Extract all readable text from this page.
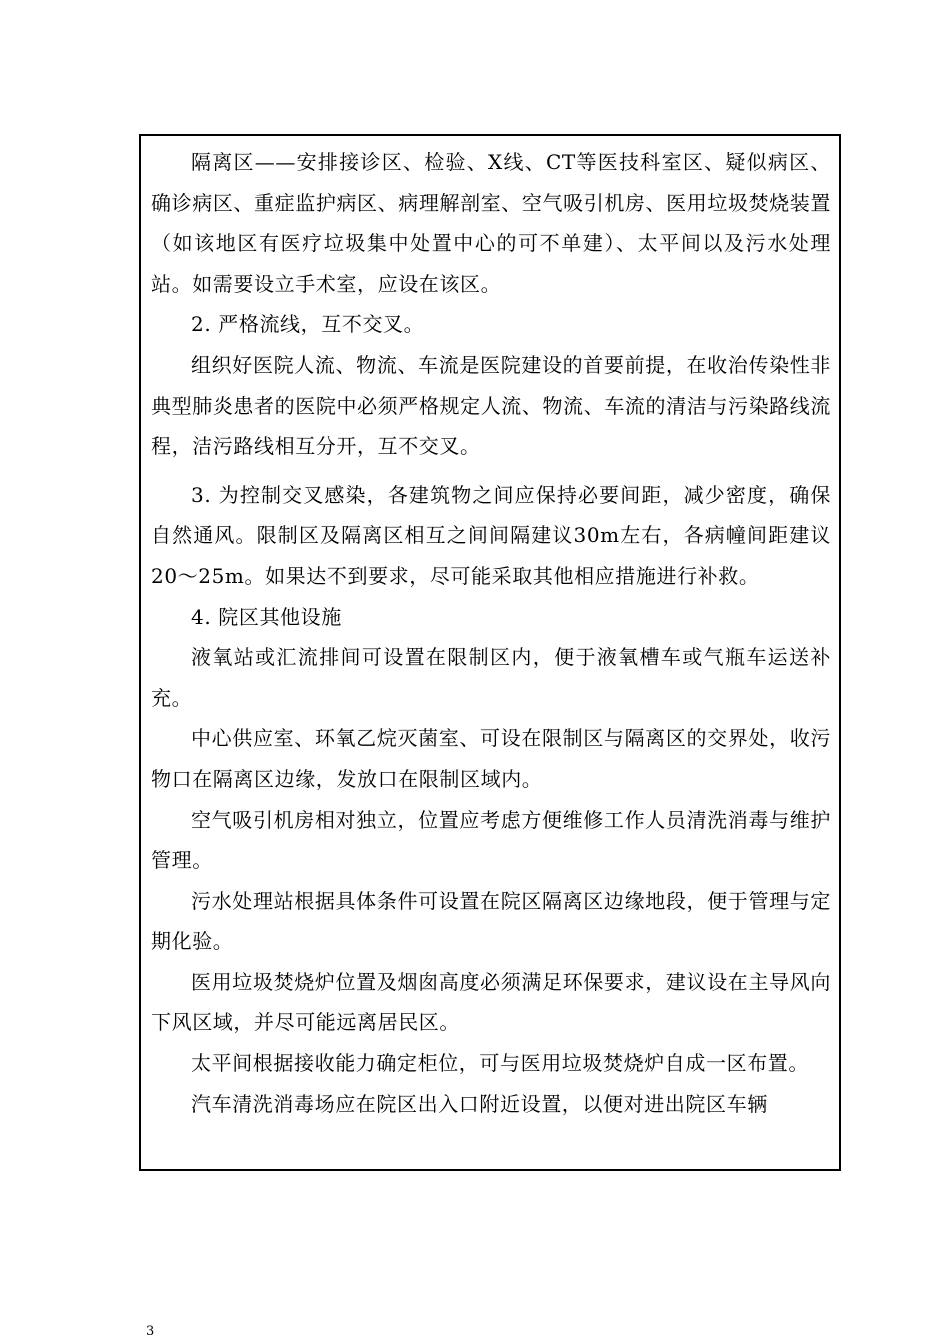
隔离区——安排接诊区、检验、X线、CT等医技科室区、疑似病区、确诊病区、重症监护病区、病理解剖室、空气吸引机房、医用垃圾焚烧装置（如该地区有医疗垃圾集中处置中心的可不单建）、太平间以及污水处理站。如需要设立手术室，应设在该区。

2. 严格流线，互不交叉。

组织好医院人流、物流、车流是医院建设的首要前提，在收治传染性非典型肺炎患者的医院中必须严格规定人流、物流、车流的清洁与污染路线流程，洁污路线相互分开，互不交叉。

3. 为控制交叉感染，各建筑物之间应保持必要间距，减少密度，确保自然通风。限制区及隔离区相互之间间隔建议30m左右，各病幢间距建议20～25m。如果达不到要求，尽可能采取其他相应措施进行补救。

4. 院区其他设施

液氧站或汇流排间可设置在限制区内，便于液氧槽车或气瓶车运送补充。

中心供应室、环氧乙烷灭菌室、可设在限制区与隔离区的交界处，收污物口在隔离区边缘，发放口在限制区域内。

空气吸引机房相对独立，位置应考虑方便维修工作人员清洗消毒与维护管理。

污水处理站根据具体条件可设置在院区隔离区边缘地段，便于管理与定期化验。

医用垃圾焚烧炉位置及烟囱高度必须满足环保要求，建议设在主导风向下风区域，并尽可能远离居民区。

太平间根据接收能力确定柜位，可与医用垃圾焚烧炉自成一区布置。

汽车清洗消毒场应在院区出入口附近设置，以便对进出院区车辆

3
